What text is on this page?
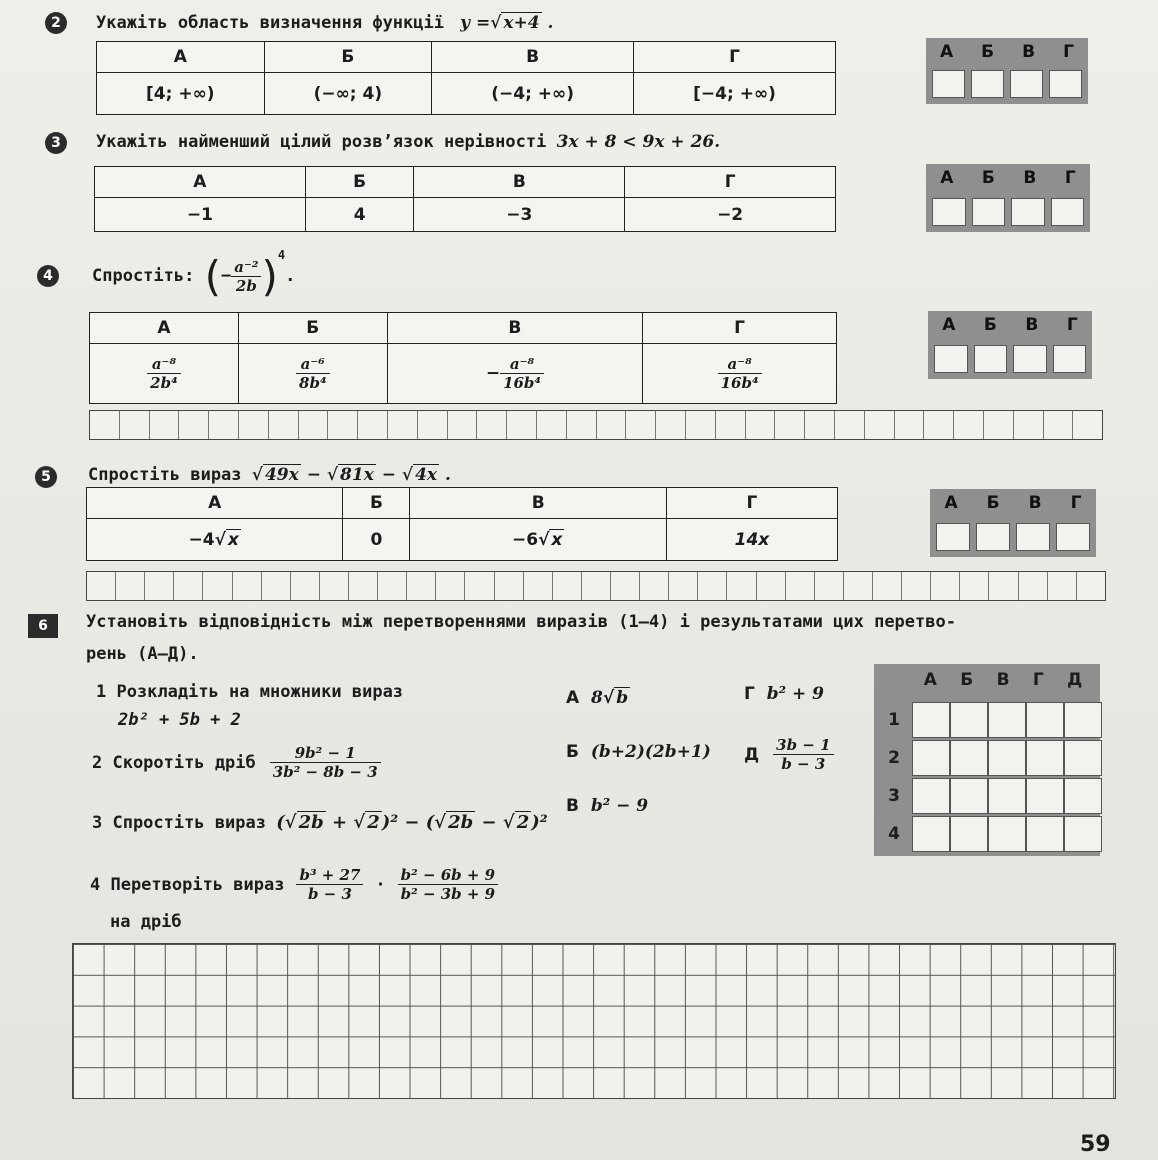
2	Укажіть область визначення функції y =√ x+4 .
А	Б	В	Г
[4; +∞)	(−∞; 4)	(−4; +∞)	[−4; +∞)
А Б В Г
3	Укажіть найменший цілий розв’язок нерівності 3x + 8 < 9x + 26.
А	Б	В	Г
−1	4	−3	−2
А Б В Г
4	Спростіть:
( − $\frac{\text{a⁻²}}{2b} )^4$
.
А	Б	В	Г

$\frac{\text{a⁻⁸}}{\text{2b⁴}}$	$\frac{\text{a⁻⁶}}{\text{8b⁴}}$	− $\frac{\text{a⁻⁸}}{\text{16b⁴}}$	$\frac{\text{a⁻⁸}}{\text{16b⁴}}$
А Б В Г
5	Спростіть вираз √ 49x − √ 81x − √ 4x .
А	Б	В	Г
−4√ x	0	−6√ x	14x
А Б В Г
6	Установіть відповідність між перетвореннями виразів (1–4) і результатами цих перетво-
рень (А–Д).
1 Розкладіть на множники вираз
2b² + 5b + 2
2 Скоротіть дріб $\frac{\text{9b² − 1}}{\text{3b² − 8b − 3}}$
3 Спростіть вираз (√ 2b + √ 2 )² − (√ 2b − √ 2 )²
4 Перетворіть вираз $\frac{\text{b³ + 27}}{b - 3} \cdot \frac{\text{b² − 6b + 9}}{\text{b² − 3b + 9}}$
на дріб
А 8√ b
Б (b+2)(2b+1)
В b² − 9
Г b² + 9
Д $\frac{3b - 1}{b - 3}$
А Б В Г Д
1
2
3
4
59
